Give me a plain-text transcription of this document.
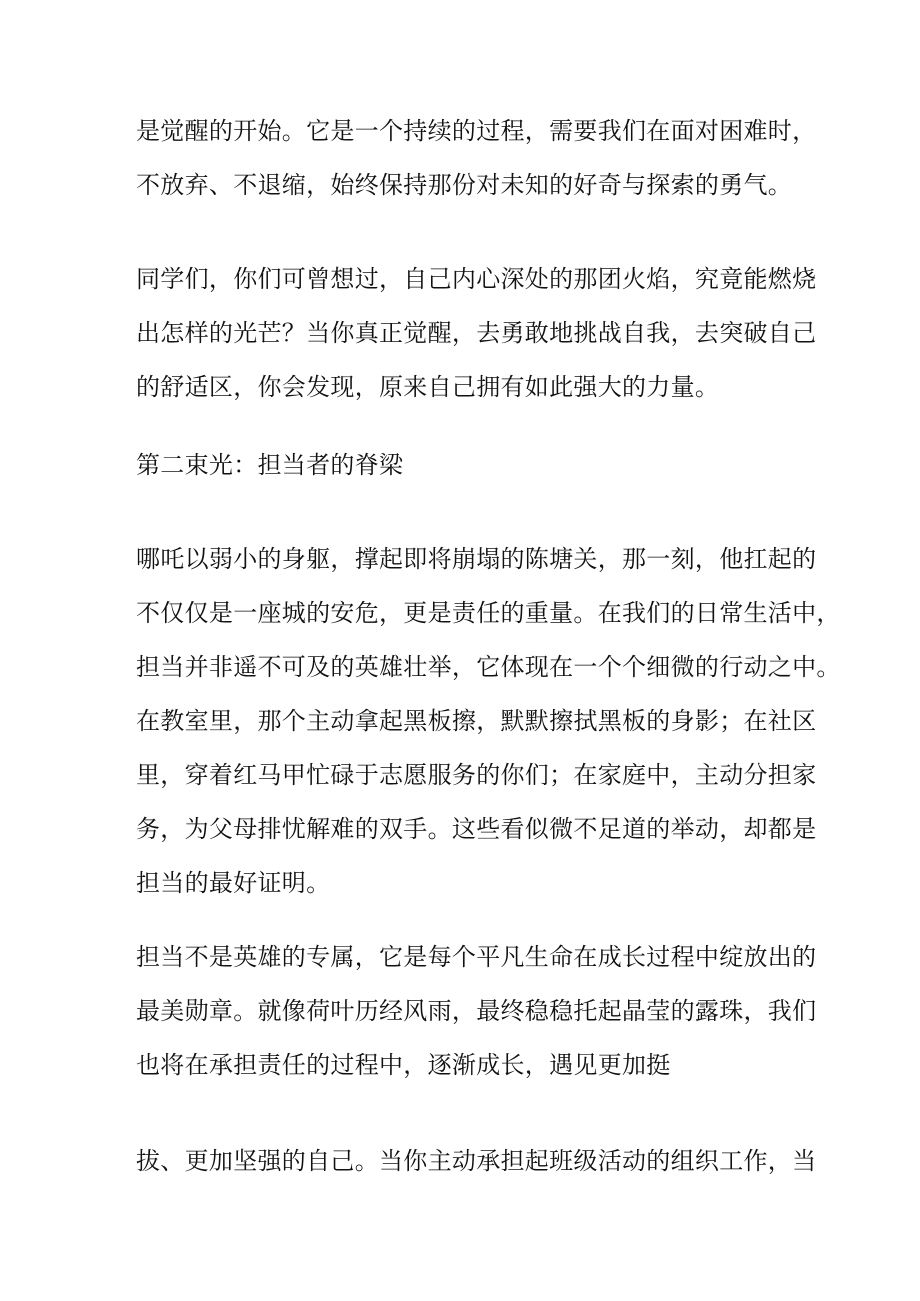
是觉醒的开始。它是一个持续的过程，需要我们在面对困难时，
不放弃、不退缩，始终保持那份对未知的好奇与探索的勇气。
同学们，你们可曾想过，自己内心深处的那团火焰，究竟能燃烧
出怎样的光芒？当你真正觉醒，去勇敢地挑战自我，去突破自己
的舒适区，你会发现，原来自己拥有如此强大的力量。
第二束光：担当者的脊梁
哪吒以弱小的身躯，撑起即将崩塌的陈塘关，那一刻，他扛起的
不仅仅是一座城的安危，更是责任的重量。在我们的日常生活中，
担当并非遥不可及的英雄壮举，它体现在一个个细微的行动之中。
在教室里，那个主动拿起黑板擦，默默擦拭黑板的身影；在社区
里，穿着红马甲忙碌于志愿服务的你们；在家庭中，主动分担家
务，为父母排忧解难的双手。这些看似微不足道的举动，却都是
担当的最好证明。
担当不是英雄的专属，它是每个平凡生命在成长过程中绽放出的
最美勋章。就像荷叶历经风雨，最终稳稳托起晶莹的露珠，我们
也将在承担责任的过程中，逐渐成长，遇见更加挺
拔、更加坚强的自己。当你主动承担起班级活动的组织工作，当
